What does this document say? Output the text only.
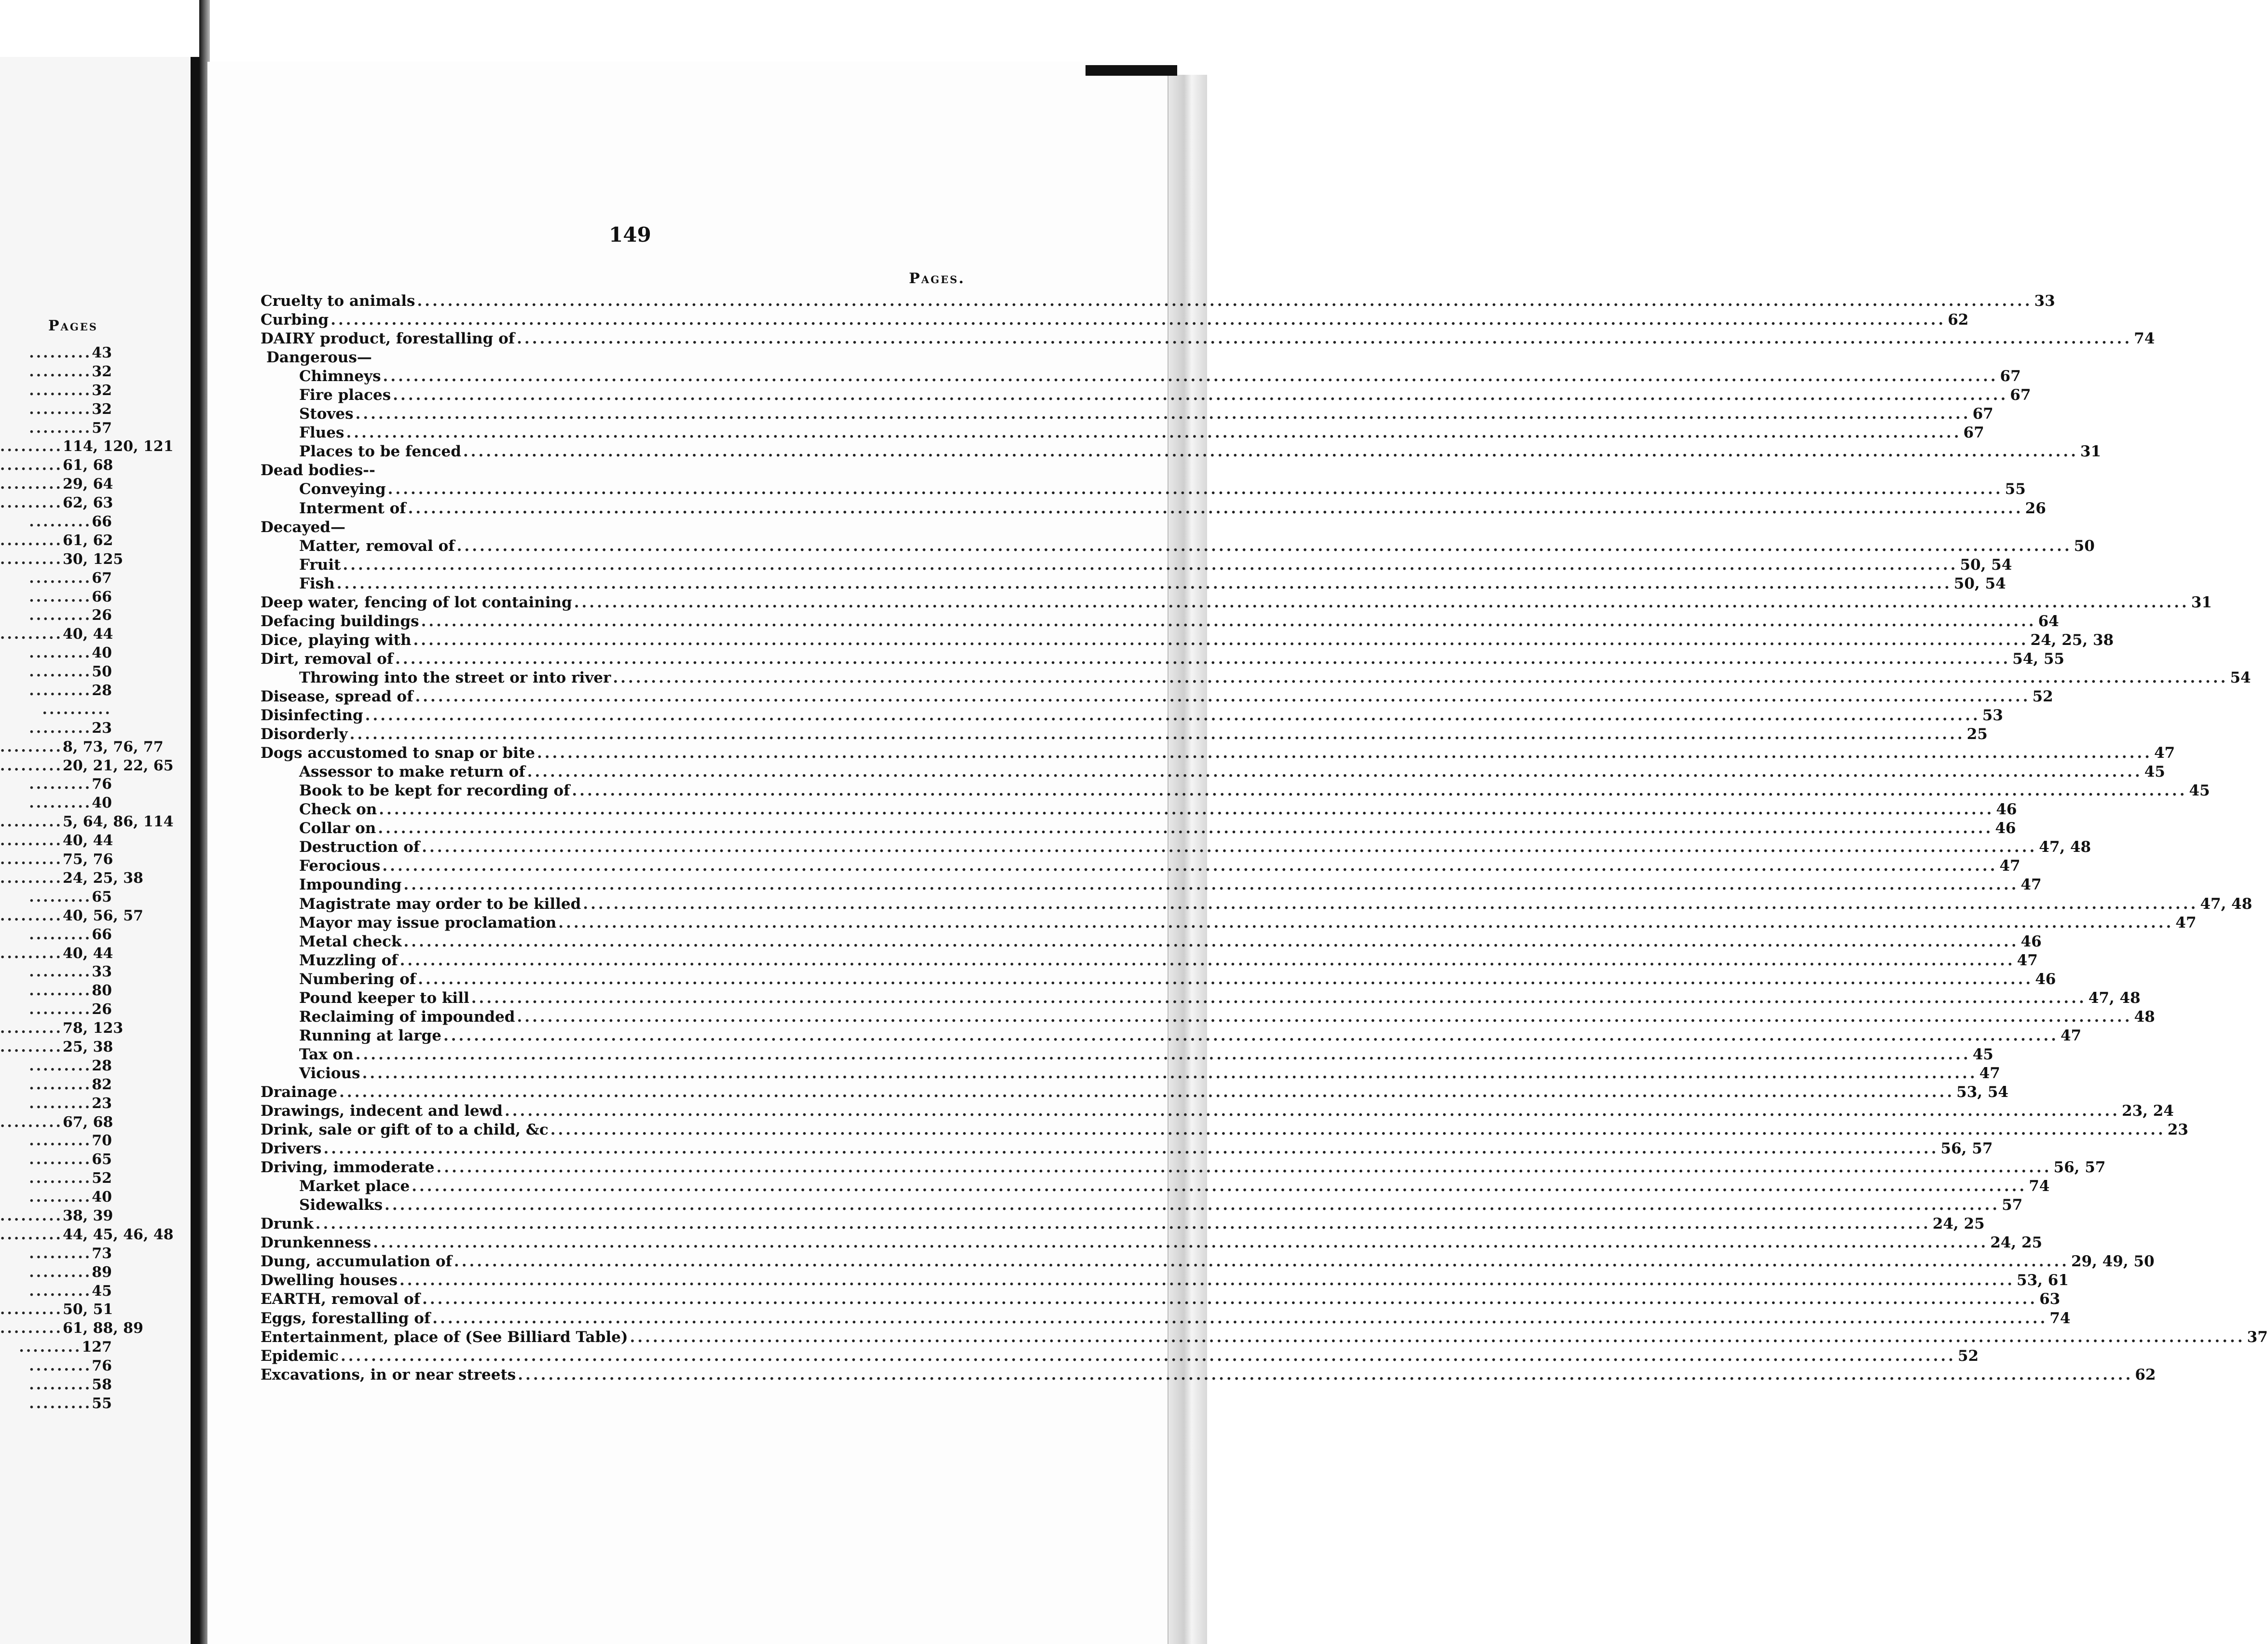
Pages
.........43
.........32
.........32
.........32
.........57
.........114, 120, 121
.........61, 68
.........29, 64
.........62, 63
.........66
.........61, 62
.........30, 125
.........67
.........66
.........26
.........40, 44
.........40
.........50
.........28
..........
.........23
.........8, 73, 76, 77
.........20, 21, 22, 65
.........76
.........40
.........5, 64, 86, 114
.........40, 44
.........75, 76
.........24, 25, 38
.........65
.........40, 56, 57
.........66
.........40, 44
.........33
.........80
.........26
.........78, 123
.........25, 38
.........28
.........82
.........23
.........67, 68
.........70
.........65
.........52
.........40
.........38, 39
.........44, 45, 46, 48
.........73
.........89
.........45
.........50, 51
.........61, 88, 89
.........127
.........76
.........58
.........55
149
Pages.
Cruelty to animals .....	33
Curbing .....	62
DAIRY product, forestalling of .....	74
Dangerous—
Chimneys .....	67
Fire places .....	67
Stoves .....	67
Flues .....	67
Places to be fenced .....	31
Dead bodies--
Conveying .....	55
Interment of .....	26
Decayed—
Matter, removal of .....	50
Fruit .....	50, 54
Fish .....	50, 54
Deep water, fencing of lot containing .....	31
Defacing buildings .....	64
Dice, playing with .....	24, 25, 38
Dirt, removal of .....	54, 55
Throwing into the street or into river .....	54
Disease, spread of .....	52
Disinfecting .....	53
Disorderly .....	25
Dogs accustomed to snap or bite .....	47
Assessor to make return of .....	45
Book to be kept for recording of .....	45
Check on .....	46
Collar on .....	46
Destruction of .....	47, 48
Ferocious .....	47
Impounding .....	47
Magistrate may order to be killed .....	47, 48
Mayor may issue proclamation .....	47
Metal check .....	46
Muzzling of .....	47
Numbering of .....	46
Pound keeper to kill .....	47, 48
Reclaiming of impounded .....	48
Running at large .....	47
Tax on .....	45
Vicious .....	47
Drainage .....	53, 54
Drawings, indecent and lewd .....	23, 24
Drink, sale or gift of to a child, &c .....	23
Drivers .....	56, 57
Driving, immoderate .....	56, 57
Market place .....	74
Sidewalks .....	57
Drunk .....	24, 25
Drunkenness .....	24, 25
Dung, accumulation of .....	29, 49, 50
Dwelling houses .....	53, 61
EARTH, removal of .....	63
Eggs, forestalling of .....	74
Entertainment, place of (See Billiard Table) .....	37
Epidemic .....	52
Excavations, in or near streets .....	62
